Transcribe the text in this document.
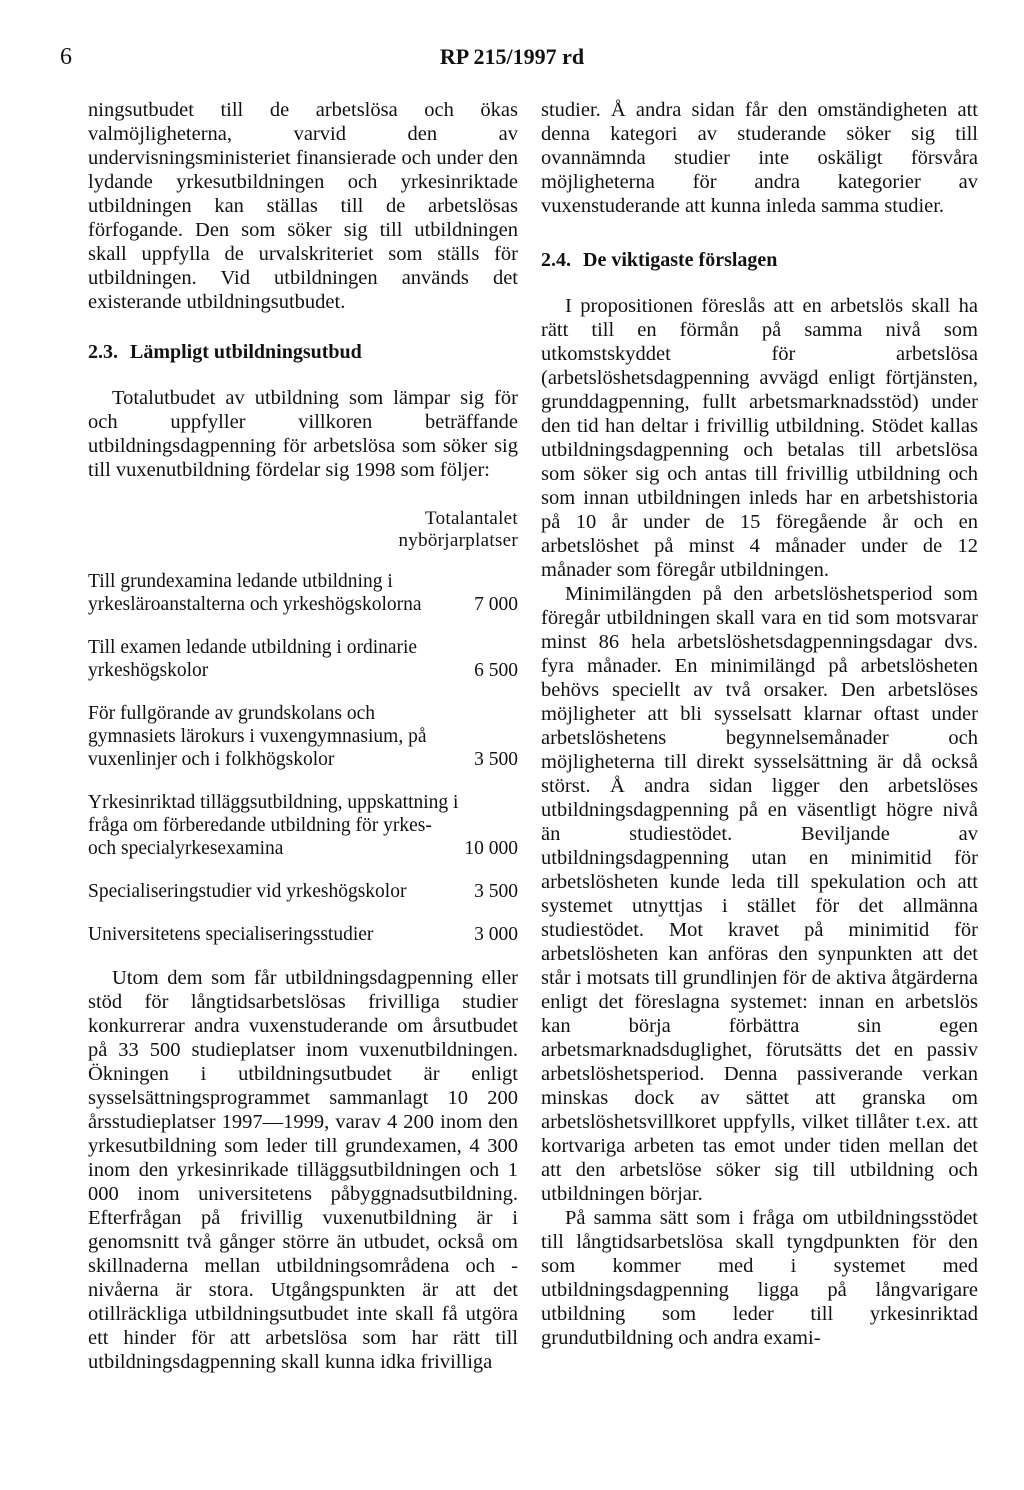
6	RP 215/1997 rd

ningsutbudet till de arbetslösa och ökas valmöjligheterna, varvid den av undervisningsministeriet finansierade och under den lydande yrkesutbildningen och yrkesinriktade utbildningen kan ställas till de arbetslösas förfogande. Den som söker sig till utbildningen skall uppfylla de urvalskriteriet som ställs för utbildningen. Vid utbildningen används det existerande utbildningsutbudet.

2.3. Lämpligt utbildningsutbud

Totalutbudet av utbildning som lämpar sig för och uppfyller villkoren beträffande utbildningsdagpenning för arbetslösa som söker sig till vuxenutbildning fördelar sig 1998 som följer:

Totalantalet
nybörjarplatser
Till grundexamina ledande utbildning i
yrkesläroanstalterna och yrkeshögskolorna	7 000
Till examen ledande utbildning i ordinarie
yrkeshögskolor	6 500
För fullgörande av grundskolans och
gymnasiets lärokurs i vuxengymnasium, på
vuxenlinjer och i folkhögskolor	3 500
Yrkesinriktad tilläggsutbildning, uppskattning i
fråga om förberedande utbildning för yrkes-
och specialyrkesexamina	10 000
Specialiseringstudier vid yrkeshögskolor	3 500
Universitetens specialiseringsstudier	3 000

Utom dem som får utbildningsdagpenning eller stöd för långtidsarbetslösas frivilliga studier konkurrerar andra vuxenstuderande om årsutbudet på 33 500 studieplatser inom vuxenutbildningen. Ökningen i utbildningsutbudet är enligt sysselsättningsprogrammet sammanlagt 10 200 årsstudieplatser 1997—1999, varav 4 200 inom den yrkesutbildning som leder till grundexamen, 4 300 inom den yrkesinrikade tilläggsutbildningen och 1 000 inom universitetens påbyggnadsutbildning. Efterfrågan på frivillig vuxenutbildning är i genomsnitt två gånger större än utbudet, också om skillnaderna mellan utbildningsområdena och -nivåerna är stora. Utgångspunkten är att det otillräckliga utbildningsutbudet inte skall få utgöra ett hinder för att arbetslösa som har rätt till utbildningsdagpenning skall kunna idka frivilliga

studier. Å andra sidan får den omständigheten att denna kategori av studerande söker sig till ovannämnda studier inte oskäligt försvåra möjligheterna för andra kategorier av vuxenstuderande att kunna inleda samma studier.

2.4. De viktigaste förslagen

I propositionen föreslås att en arbetslös skall ha rätt till en förmån på samma nivå som utkomstskyddet för arbetslösa (arbetslöshetsdagpenning avvägd enligt förtjänsten, grunddagpenning, fullt arbetsmarknadsstöd) under den tid han deltar i frivillig utbildning. Stödet kallas utbildningsdagpenning och betalas till arbetslösa som söker sig och antas till frivillig utbildning och som innan utbildningen inleds har en arbetshistoria på 10 år under de 15 föregående år och en arbetslöshet på minst 4 månader under de 12 månader som föregår utbildningen.

Minimilängden på den arbetslöshetsperiod som föregår utbildningen skall vara en tid som motsvarar minst 86 hela arbetslöshetsdagpenningsdagar dvs. fyra månader. En minimilängd på arbetslösheten behövs speciellt av två orsaker. Den arbetslöses möjligheter att bli sysselsatt klarnar oftast under arbetslöshetens begynnelsemånader och möjligheterna till direkt sysselsättning är då också störst. Å andra sidan ligger den arbetslöses utbildningsdagpenning på en väsentligt högre nivå än studiestödet. Beviljande av utbildningsdagpenning utan en minimitid för arbetslösheten kunde leda till spekulation och att systemet utnyttjas i stället för det allmänna studiestödet. Mot kravet på minimitid för arbetslösheten kan anföras den synpunkten att det står i motsats till grundlinjen för de aktiva åtgärderna enligt det föreslagna systemet: innan en arbetslös kan börja förbättra sin egen arbetsmarknadsduglighet, förutsätts det en passiv arbetslöshetsperiod. Denna passiverande verkan minskas dock av sättet att granska om arbetslöshetsvillkoret uppfylls, vilket tillåter t.ex. att kortvariga arbeten tas emot under tiden mellan det att den arbetslöse söker sig till utbildning och utbildningen börjar.

På samma sätt som i fråga om utbildningsstödet till långtidsarbetslösa skall tyngdpunkten för den som kommer med i systemet med utbildningsdagpenning ligga på långvarigare utbildning som leder till yrkesinriktad grundutbildning och andra exami-
